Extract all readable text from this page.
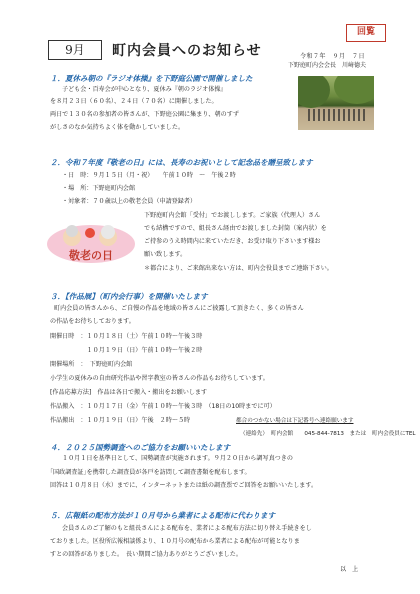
9月	町内会員へのお知らせ
回覧
令和７年　９月　７日
下野庭町内会会長　川﨑德夫
１．夏休み朝の『ラジオ体操』を下野庭公園で開催しました
子ども会・百寿会が中心となり、夏休み『朝のラジオ体操』
を８月２３日（６０名）、２４日（７０名）に開催しました。
両日で１３０名の参加者の皆さんが、下野庭公園に集まり、朝のすず
がしさのなか気持ちよく体を動かしていました。
２．令和７年度『敬老の日』には、長寿のお祝いとして記念品を贈呈致します
・日　時：９月１５日（月・祝）　　午前１０時　～　午後２時
・場　所：下野庭町内会館
・対象者：７０歳以上の敬老会員（申請登録者）
下野庭町内会館「受付」でお渡しします。ご家族（代理人）さん
でも結構ですので、組長さん経由でお渡しました封筒（案内状）を
ご持参のうえ時間内に来ていただき、お受け取り下さいます様お
願い致します。
＊都合により、ご来館出来ない方は、町内会役員までご連絡下さい。
敬老の日
３．【作品展】（町内会行事）を開催いたします
町内会員の皆さんから、ご自慢の作品を地域の皆さんにご披露して頂きたく、多くの皆さん
の作品をお待ちしております。
開催日時　：１０月１８日（土）午前１０時～午後３時
　　　　　　１０月１９日（日）午前１０時～午後２時
開催場所　：　下野庭町内会館
小学生の夏休みの自由研究作品や習字教室の皆さんの作品もお待ちしています。
[作品応募方法]　作品は各日で搬入・搬出をお願いします
作品搬入　：１０月１７日（金）午前１０時～午後３時　（18日の10時までに可）
作品搬出　：１０月１９日（日）午後　２時～５時	都合のつかない場合は下記番号へ連絡願います
（連絡先）　町内会館　　045-844-7813　または　町内会役員にTEL
４．２０２５国勢調査へのご協力をお願いいたします
１０月１日を基準日として、国勢調査が実施されます。９月２０日から調写真つきの
｢国政調査証｣を携帯した調査員が各戸を訪問して調査書類を配布します。
回答は１０月８日（水）までに、インターネットまたは紙の調査票でご回答をお願いいたします。
５．広報紙の配布方法が１０月号から業者による配布に代わります
会員さんのご了解のもと組長さんによる配布を、業者による配布方法に切り替え手続きをし
ておりました。区役所広報相談係より、１０月号の配布から業者による配布が可能となりま
すとの回答がありました。　長い期間ご協力ありがとうございました。
以　上
